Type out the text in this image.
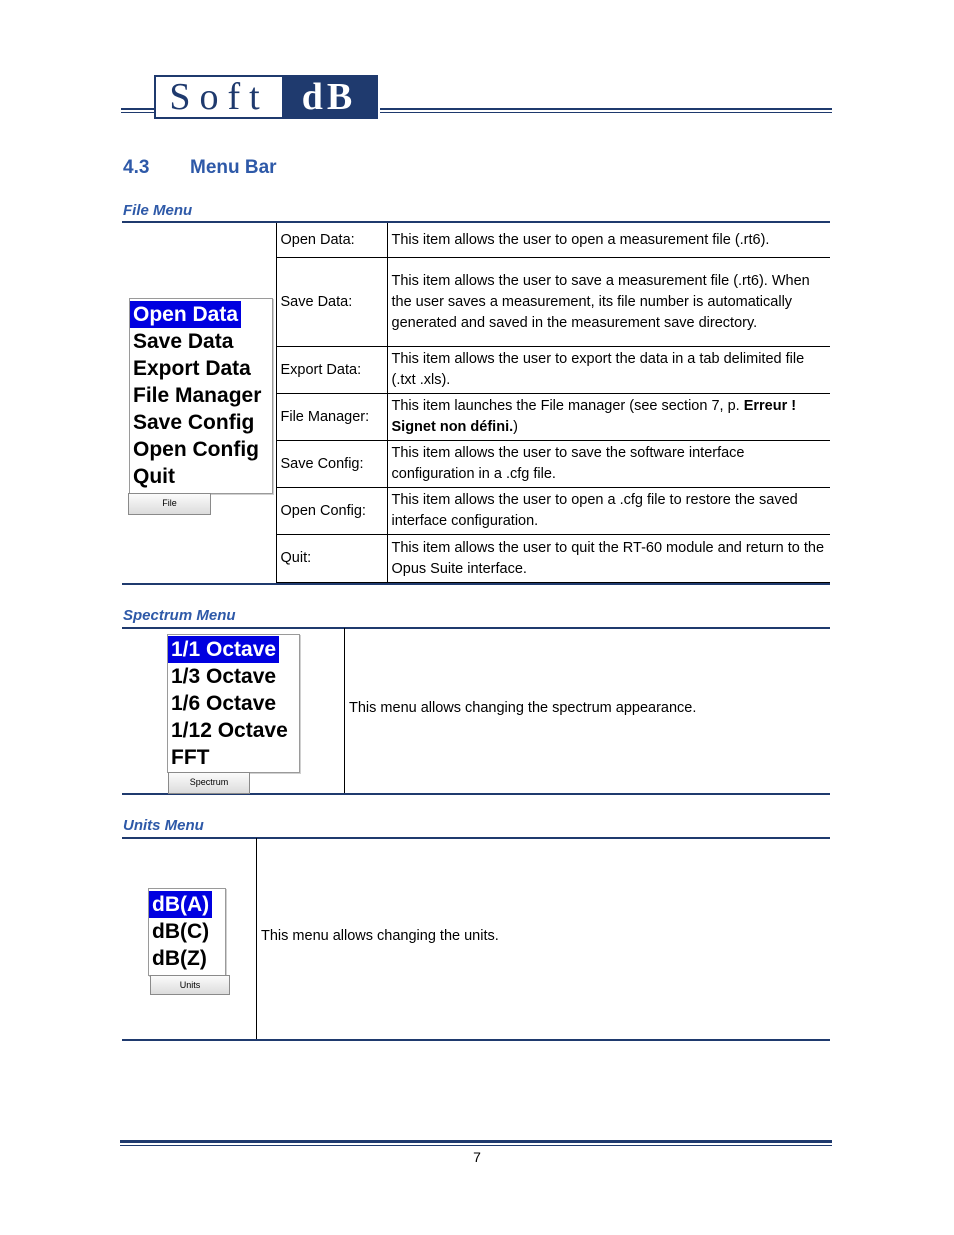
Soft dB
4.3 Menu Bar
File Menu
	Open Data:	This item allows the user to open a measurement file (.rt6).
	Save Data:	This item allows the user to save a measurement file (.rt6). When the user saves a measurement, its file number is automatically generated and saved in the measurement save directory.
	Export Data:	This item allows the user to export the data in a tab delimited file (.txt .xls).
	File Manager:	This item launches the File manager (see section 7, p. Erreur ! Signet non défini.)
	Save Config:	This item allows the user to save the software interface configuration in a .cfg file.
	Open Config:	This item allows the user to open a .cfg file to restore the saved interface configuration.
	Quit:	This item allows the user to quit the RT-60 module and return to the Opus Suite interface.
Open Data
Save Data
Export Data
File Manager
Save Config
Open Config
Quit
File
Spectrum Menu
1/1 Octave
1/3 Octave
1/6 Octave
1/12 Octave
FFT
Spectrum
This menu allows changing the spectrum appearance.
Units Menu
dB(A)
dB(C)
dB(Z)
Units
This menu allows changing the units.
7
